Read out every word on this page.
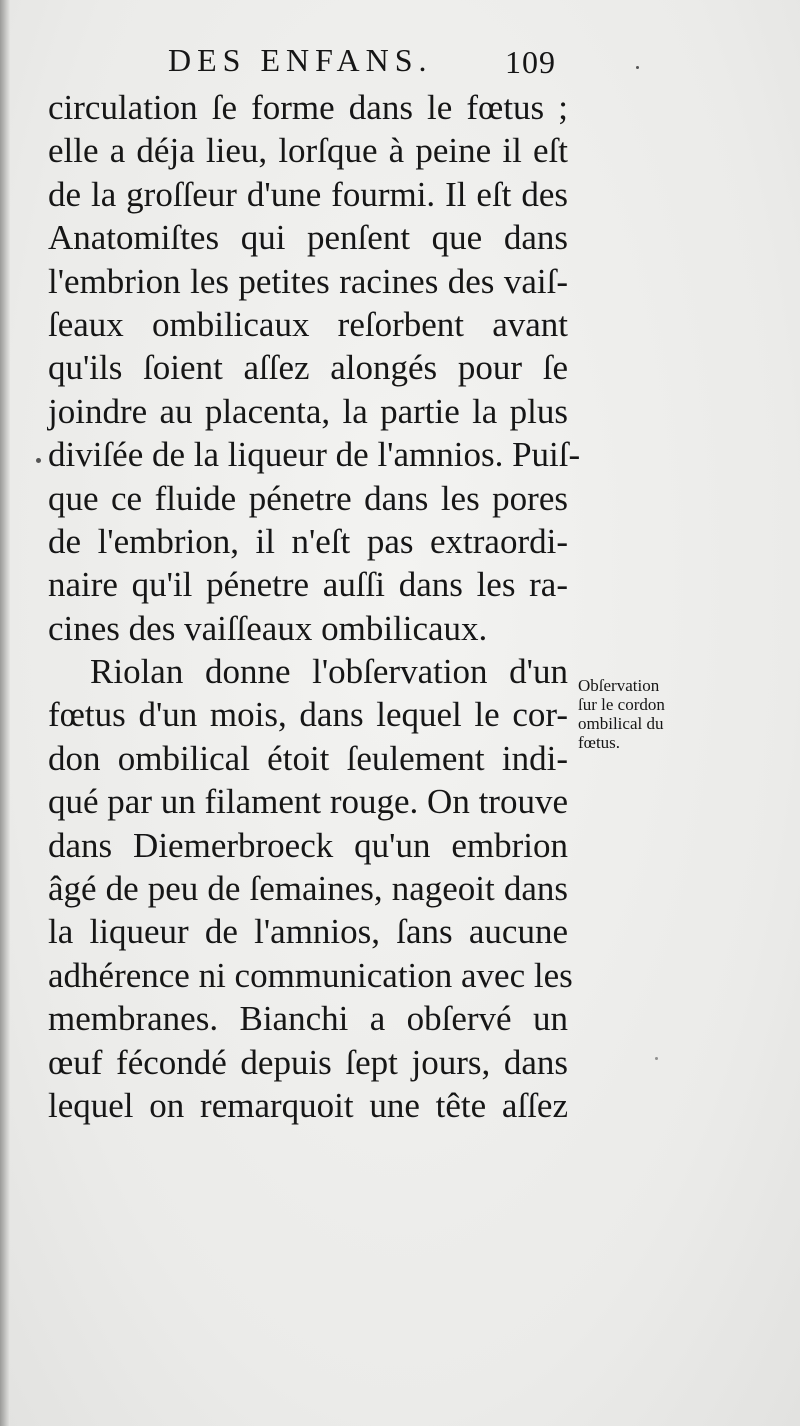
DES ENFANS. 109
circulation ſe forme dans le fœtus ;
elle a déja lieu, lorſque à peine il eſt
de la groſſeur d'une fourmi. Il eſt des
Anatomiſtes qui penſent que dans
l'embrion les petites racines des vaiſ-
ſeaux ombilicaux reſorbent avant
qu'ils ſoient aſſez alongés pour ſe
joindre au placenta, la partie la plus
diviſée de la liqueur de l'amnios. Puiſ-
que ce fluide pénetre dans les pores
de l'embrion, il n'eſt pas extraordi-
naire qu'il pénetre auſſi dans les ra-
cines des vaiſſeaux ombilicaux.
Riolan donne l'obſervation d'un
fœtus d'un mois, dans lequel le cor-
don ombilical étoit ſeulement indi-
qué par un filament rouge. On trouve
dans Diemerbroeck qu'un embrion
âgé de peu de ſemaines, nageoit dans
la liqueur de l'amnios, ſans aucune
adhérence ni communication avec les
membranes. Bianchi a obſervé un
œuf fécondé depuis ſept jours, dans
lequel on remarquoit une tête aſſez
Obſervation
ſur le cordon
ombilical du
fœtus.
